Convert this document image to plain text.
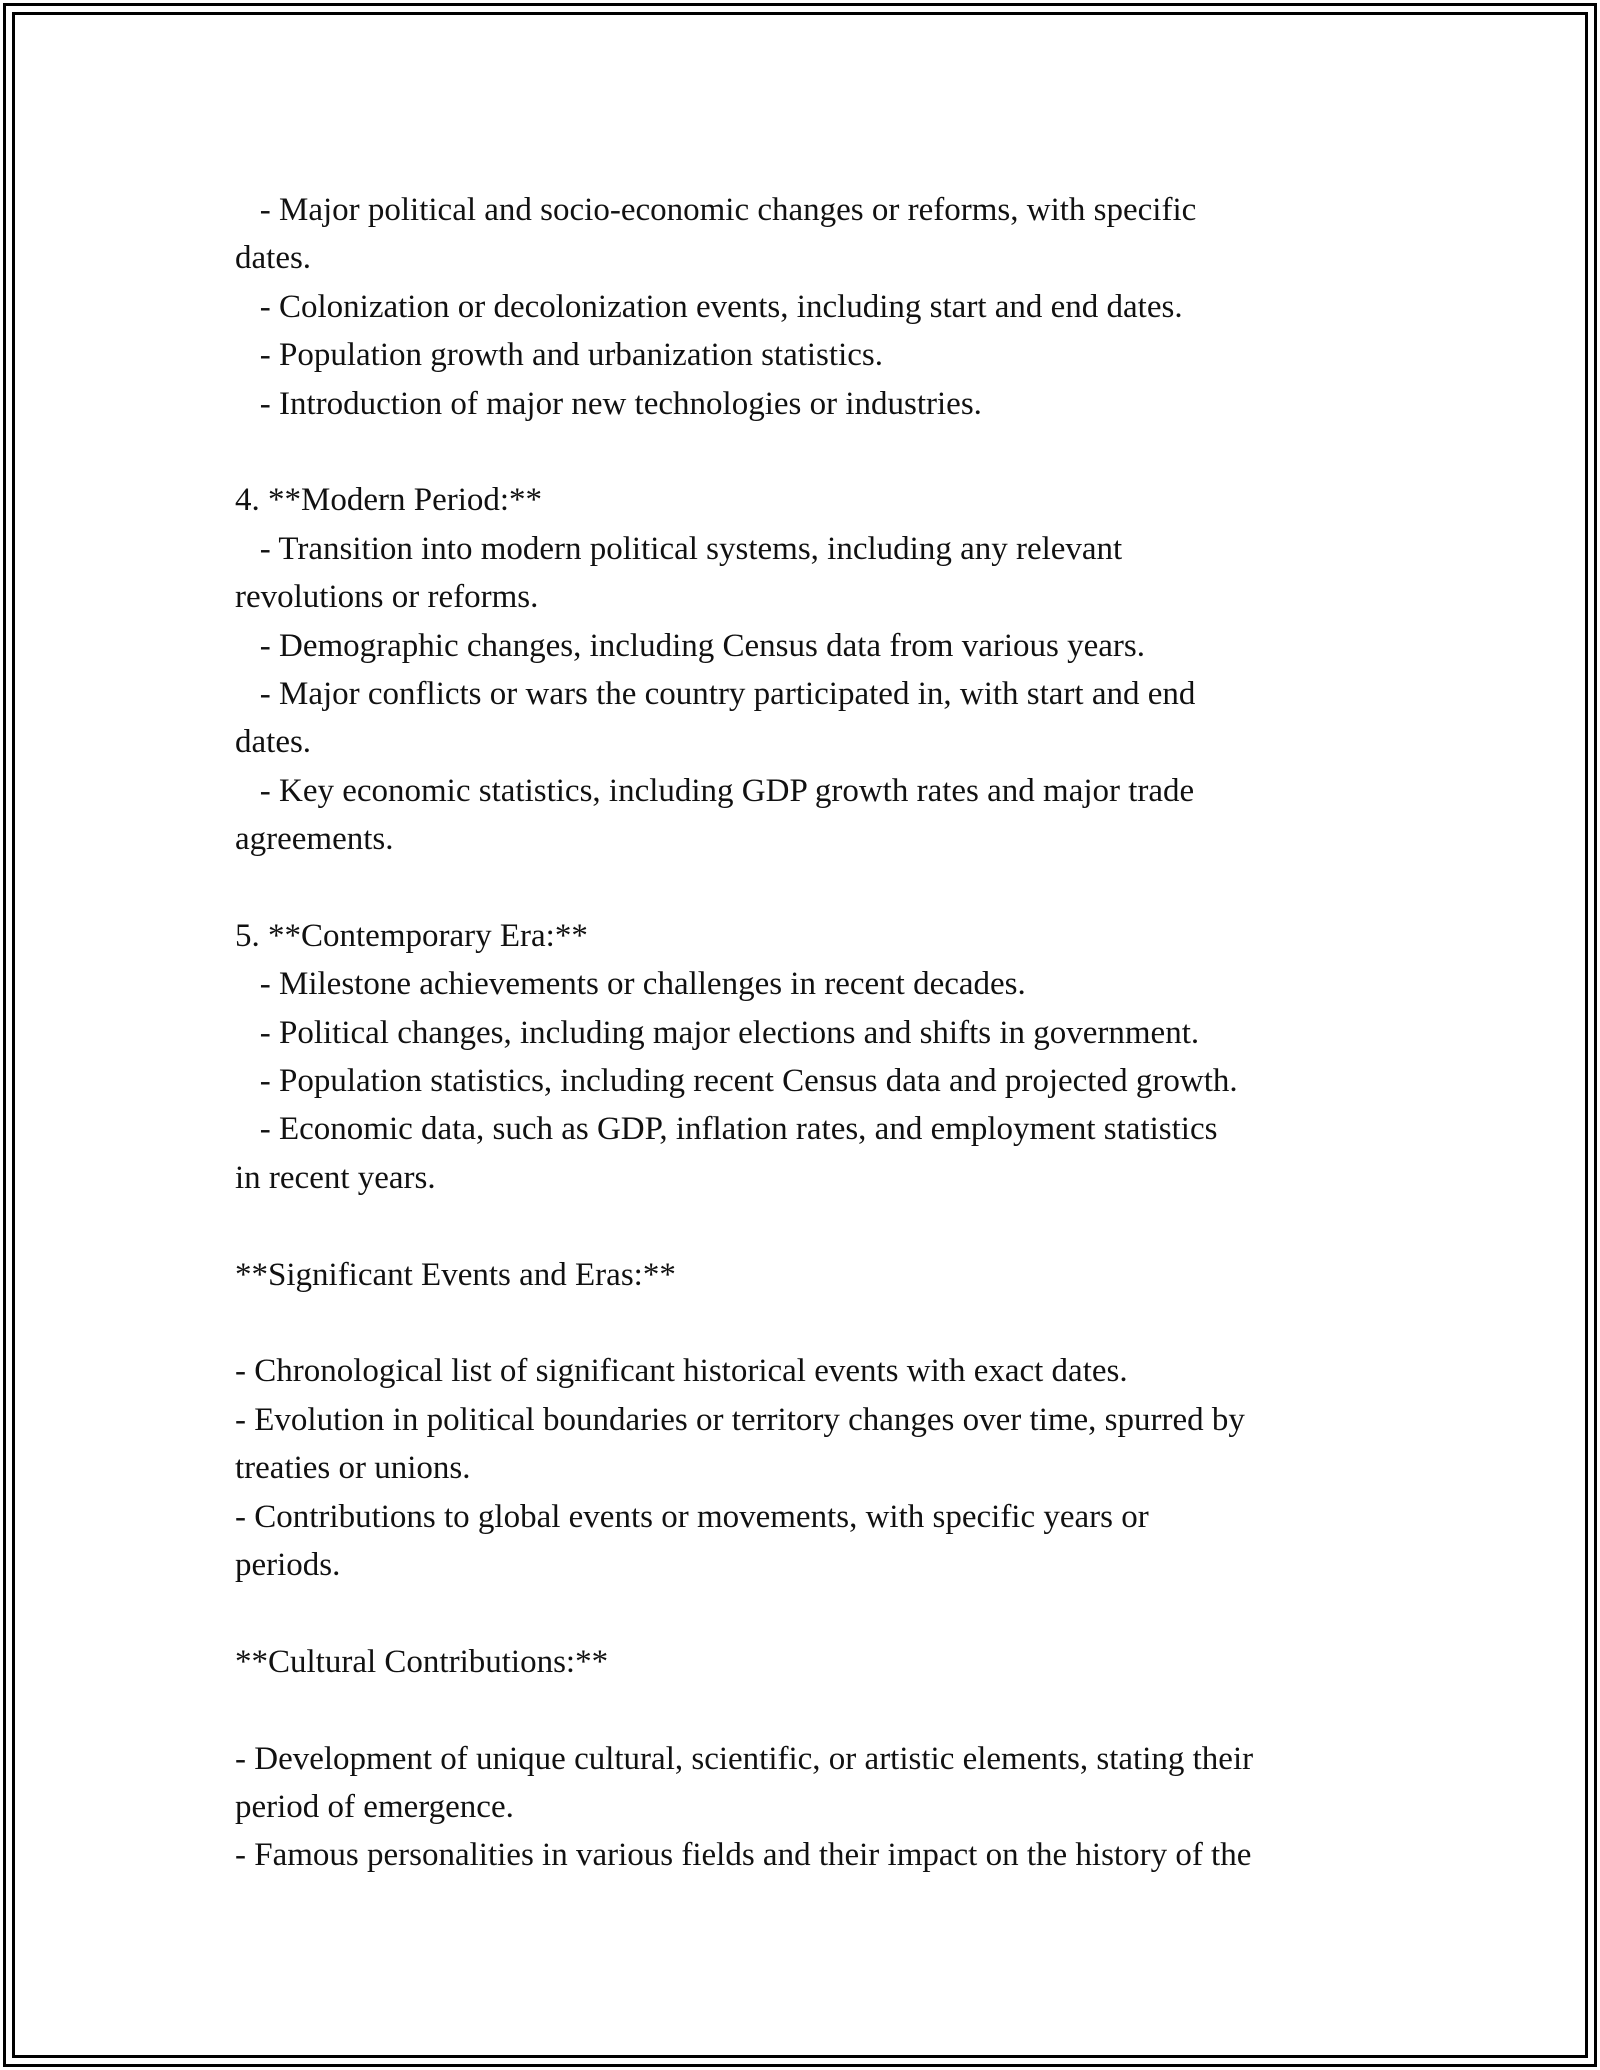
- Major political and socio-economic changes or reforms, with specific
dates.
- Colonization or decolonization events, including start and end dates.
- Population growth and urbanization statistics.
- Introduction of major new technologies or industries.
4. **Modern Period:**
- Transition into modern political systems, including any relevant
revolutions or reforms.
- Demographic changes, including Census data from various years.
- Major conflicts or wars the country participated in, with start and end
dates.
- Key economic statistics, including GDP growth rates and major trade
agreements.
5. **Contemporary Era:**
- Milestone achievements or challenges in recent decades.
- Political changes, including major elections and shifts in government.
- Population statistics, including recent Census data and projected growth.
- Economic data, such as GDP, inflation rates, and employment statistics
in recent years.
**Significant Events and Eras:**
- Chronological list of significant historical events with exact dates.
- Evolution in political boundaries or territory changes over time, spurred by
treaties or unions.
- Contributions to global events or movements, with specific years or
periods.
**Cultural Contributions:**
- Development of unique cultural, scientific, or artistic elements, stating their
period of emergence.
- Famous personalities in various fields and their impact on the history of the
